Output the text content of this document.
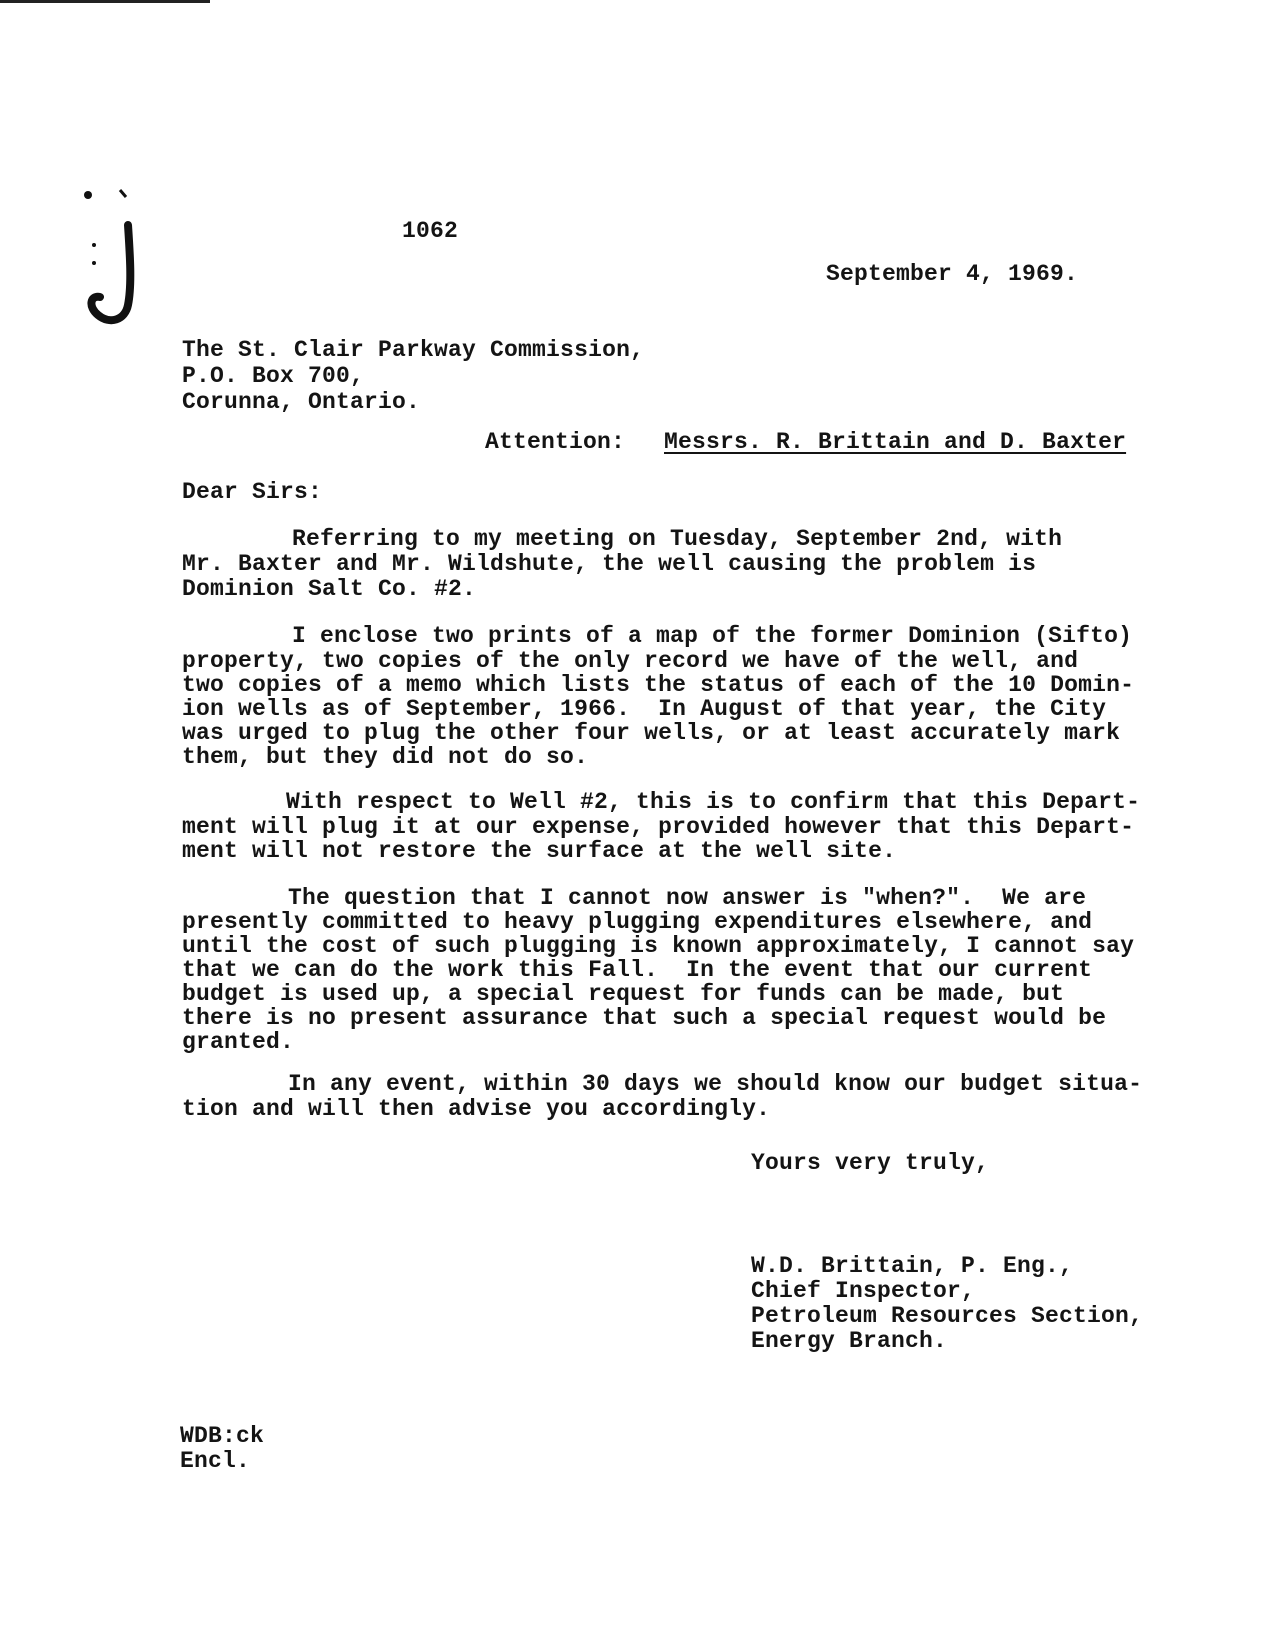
1062
September 4, 1969.
The St. Clair Parkway Commission,
P.O. Box 700,
Corunna, Ontario.
Attention: Messrs. R. Brittain and D. Baxter
Dear Sirs:
Referring to my meeting on Tuesday, September 2nd, with
Mr. Baxter and Mr. Wildshute, the well causing the problem is
Dominion Salt Co. #2.
I enclose two prints of a map of the former Dominion (Sifto)
property, two copies of the only record we have of the well, and
two copies of a memo which lists the status of each of the 10 Domin-
ion wells as of September, 1966.  In August of that year, the City
was urged to plug the other four wells, or at least accurately mark
them, but they did not do so.
With respect to Well #2, this is to confirm that this Depart-
ment will plug it at our expense, provided however that this Depart-
ment will not restore the surface at the well site.
The question that I cannot now answer is "when?".  We are
presently committed to heavy plugging expenditures elsewhere, and
until the cost of such plugging is known approximately, I cannot say
that we can do the work this Fall.  In the event that our current
budget is used up, a special request for funds can be made, but
there is no present assurance that such a special request would be
granted.
In any event, within 30 days we should know our budget situa-
tion and will then advise you accordingly.
Yours very truly,
W.D. Brittain, P. Eng.,
Chief Inspector,
Petroleum Resources Section,
Energy Branch.
WDB:ck
Encl.
